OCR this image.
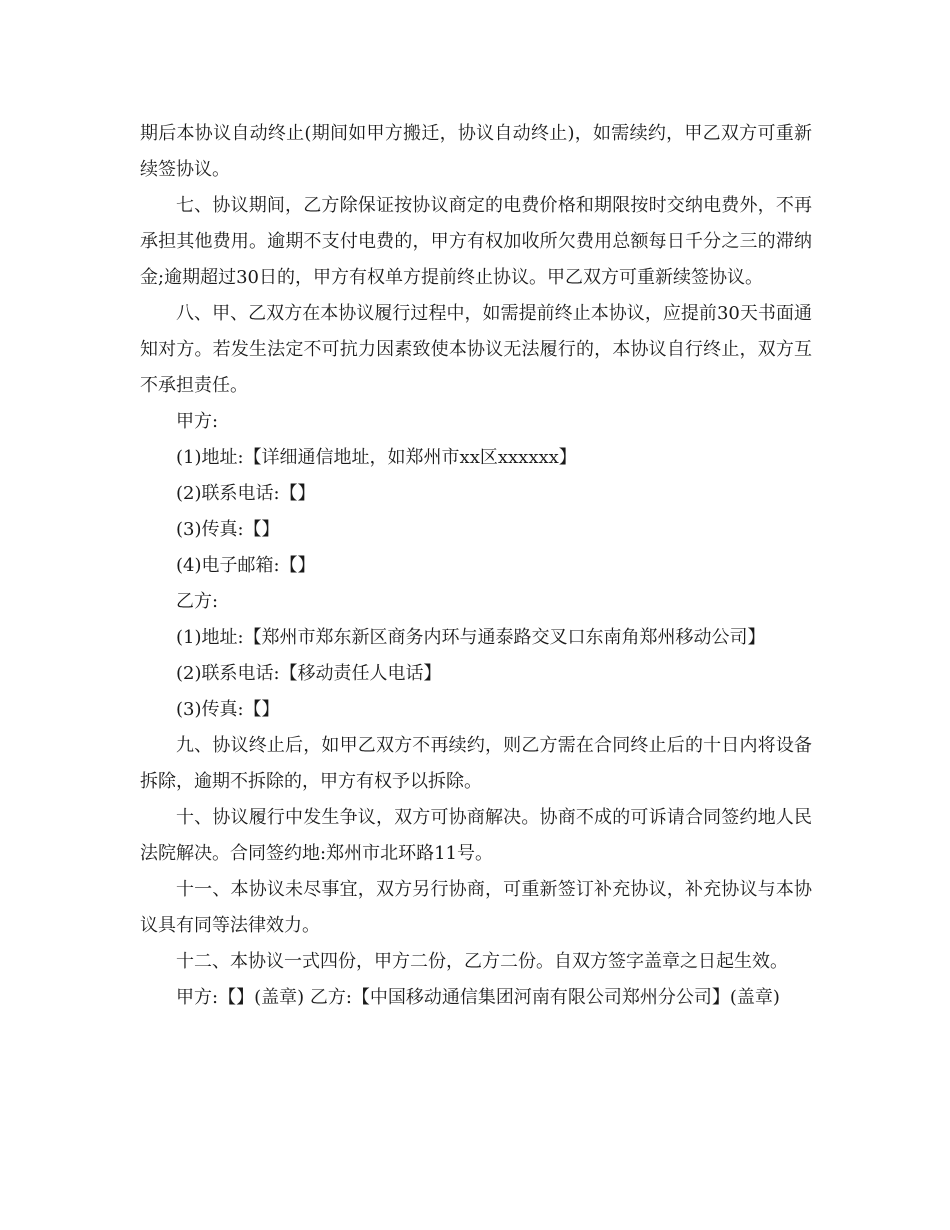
期后本协议自动终止(期间如甲方搬迁，协议自动终止)，如需续约，甲乙双方可重新续签协议。

七、协议期间，乙方除保证按协议商定的电费价格和期限按时交纳电费外，不再承担其他费用。逾期不支付电费的，甲方有权加收所欠费用总额每日千分之三的滞纳金;逾期超过30日的，甲方有权单方提前终止协议。甲乙双方可重新续签协议。

八、甲、乙双方在本协议履行过程中，如需提前终止本协议，应提前30天书面通知对方。若发生法定不可抗力因素致使本协议无法履行的，本协议自行终止，双方互不承担责任。

甲方:

(1)地址:【详细通信地址，如郑州市xx区xxxxxx】

(2)联系电话:【】

(3)传真:【】

(4)电子邮箱:【】

乙方:

(1)地址:【郑州市郑东新区商务内环与通泰路交叉口东南角郑州移动公司】

(2)联系电话:【移动责任人电话】

(3)传真:【】

九、协议终止后，如甲乙双方不再续约，则乙方需在合同终止后的十日内将设备拆除，逾期不拆除的，甲方有权予以拆除。

十、协议履行中发生争议，双方可协商解决。协商不成的可诉请合同签约地人民法院解决。合同签约地:郑州市北环路11号。

十一、本协议未尽事宜，双方另行协商，可重新签订补充协议，补充协议与本协议具有同等法律效力。

十二、本协议一式四份，甲方二份，乙方二份。自双方签字盖章之日起生效。

甲方:【】(盖章) 乙方:【中国移动通信集团河南有限公司郑州分公司】(盖章)
